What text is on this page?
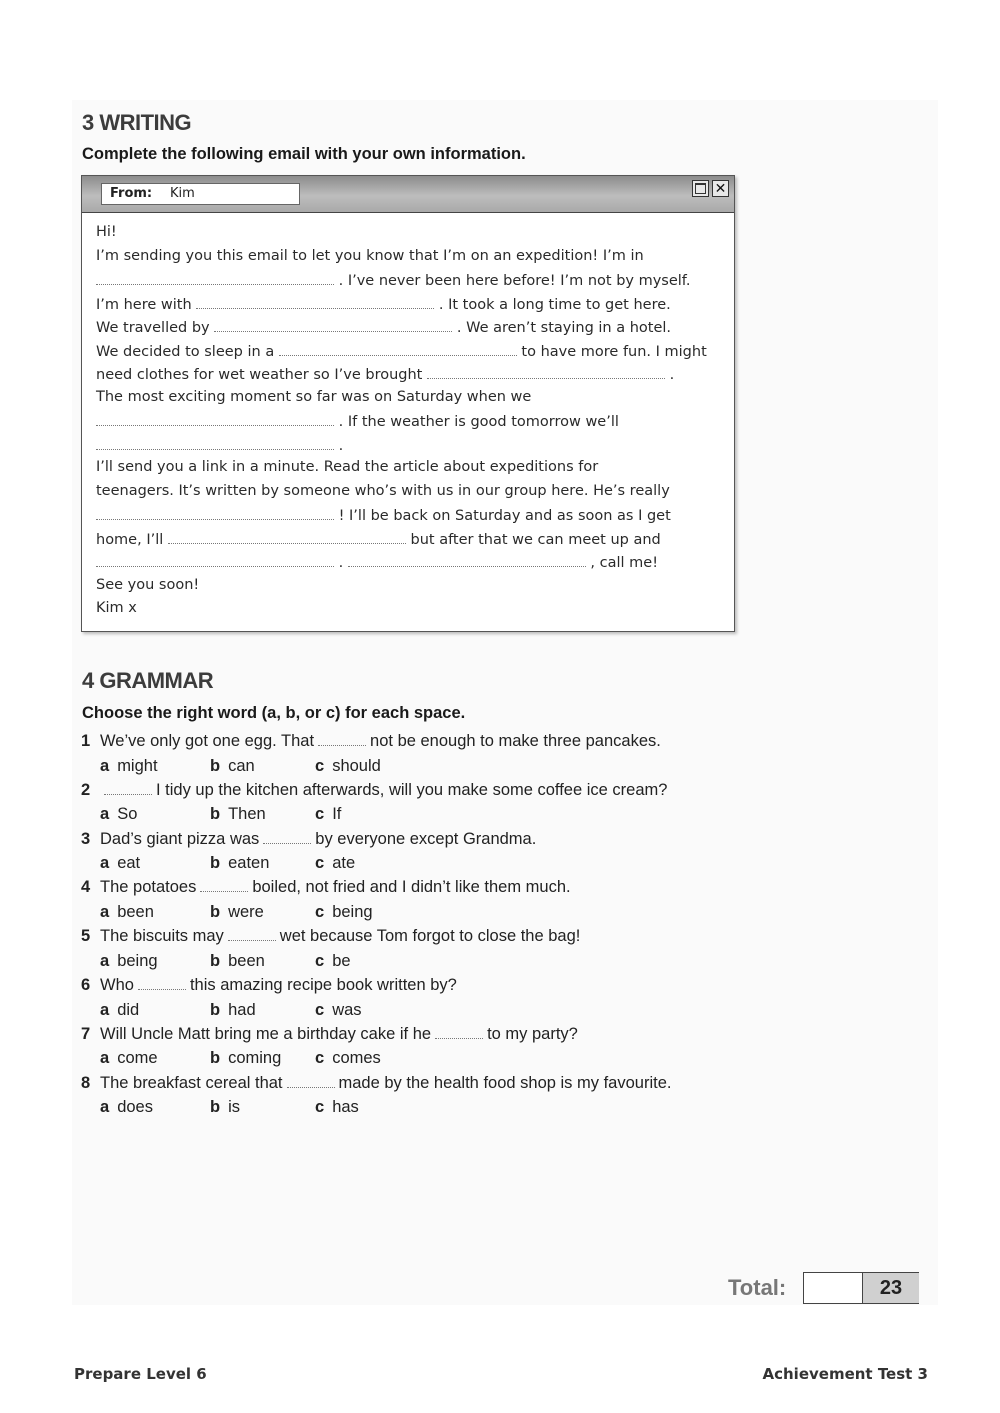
3 WRITING
Complete the following email with your own information.
From: Kim	✕
Hi!
I’m sending you this email to let you know that I’m on an expedition! I’m in
. I’ve never been here before! I’m not by myself.
I’m here with	. It took a long time to get here.
We travelled by	. We aren’t staying in a hotel.
We decided to sleep in a	to have more fun. I might
need clothes for wet weather so I’ve brought	.
The most exciting moment so far was on Saturday when we
. If the weather is good tomorrow we’ll
.
I’ll send you a link in a minute. Read the article about expeditions for
teenagers. It’s written by someone who’s with us in our group here. He’s really
! I’ll be back on Saturday and as soon as I get
home, I’ll	but after that we can meet up and
.	, call me!
See you soon!
Kim x
4 GRAMMAR
Choose the right word (a, b, or c) for each space.
1 We’ve only got one egg. That	not be enough to make three pancakes.
a might	b can	c should
2	I tidy up the kitchen afterwards, will you make some coffee ice cream?
a So	b Then	c If
3 Dad’s giant pizza was	by everyone except Grandma.
a eat	b eaten	c ate
4 The potatoes	boiled, not fried and I didn’t like them much.
a been	b were	c being
5 The biscuits may	wet because Tom forgot to close the bag!
a being	b been	c be
6 Who	this amazing recipe book written by?
a did	b had	c was
7 Will Uncle Matt bring me a birthday cake if he	to my party?
a come	b coming c comes
8 The breakfast cereal that	made by the health food shop is my favourite.
a does	b is	c has
Total:	23
Prepare Level 6	Achievement Test 3
